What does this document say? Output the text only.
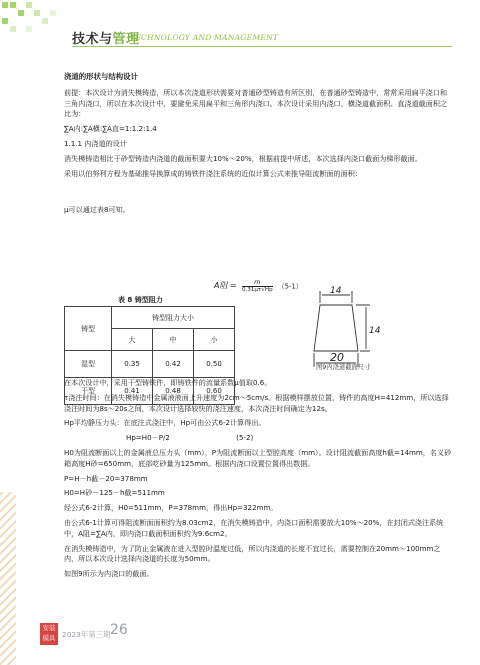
技术与管理
TECHNOLOGY AND MANAGEMENT

浇道的形状与结构设计

前提：本次设计为消失模铸造，所以本次浇道形状需要对普通砂型铸造有所区别，在普通砂型铸造中，常常采用扁平浇口和三角内浇口，所以在本次设计中，要避免采用扁平和三角形内浇口。本次设计采用内浇口、横浇道截面积、直浇道截面积之比为：

∑A内:∑A横:∑A直=1:1.2:1.4

1.1.1 内浇道的设计

消失模铸造相比于砂型铸造内浇道的截面积要大10%～20%，根据前提中所述，本次选择内浇口截面为梯形截面。

采用以伯努利方程为基础推导换算成的铸铁件浇注系统的近似计算公式来推导阻流断面的面积：

μ可以通过表8可知。

A阻 = $\frac{m}{0.31\mu\tau√Hp} (5-1)$
表 8 铸型阻力
铸型	铸型阻力大小		
	大	中	小
湿型	0.35	0.42	0.50
干型	0.41	0.48	0.60
14
14
20
图9内浇道截面尺寸

在本次设计中，采用干型铸铁件，即铸铁件的流量系数μ值取0.6。

τ浇注时间：在消失模铸造中金属液液面上升速度为2cm～5cm/s。根据模样摆放位置，铸件的高度H=412mm，所以选择浇注时间为8s～20s之间，本次设计选择较快的浇注速度，本次浇注时间确定为12s。

Hp平均静压力头：在底注式浇注中，Hp可由公式6-2计算得出。

Hp=H0－P/2	(5-2)

H0为阻流断面以上的金属液总压力头（mm），P为阻流断面以上型腔高度（mm）。设计阻流截面高度h截=14mm，名义砂箱高度H砂=650mm，底部吃砂量为125mm。根据内浇口设置位置得出数据。

P=H－h截－20=378mm

H0=H砂－125－h截=511mm

经公式6-2计算，H0=511mm，P=378mm，得出Hp=322mm。

由公式6-1计算可得阻流断面面积约为8.03cm2，在消失模铸造中，内浇口面积需要放大10%～20%，在封闭式浇注系统中，A阻=∑A内，即内浇口截面积面积约为9.6cm2。

在消失模铸造中，为了防止金属液在进入型腔时温度过低，所以内浇道的长度不宜过长，需要控制在20mm～100mm之内，所以本次设计选择内浇道的长度为50mm。

如图9所示为内浇口的截面。

安装模具 2023年第三期 26
